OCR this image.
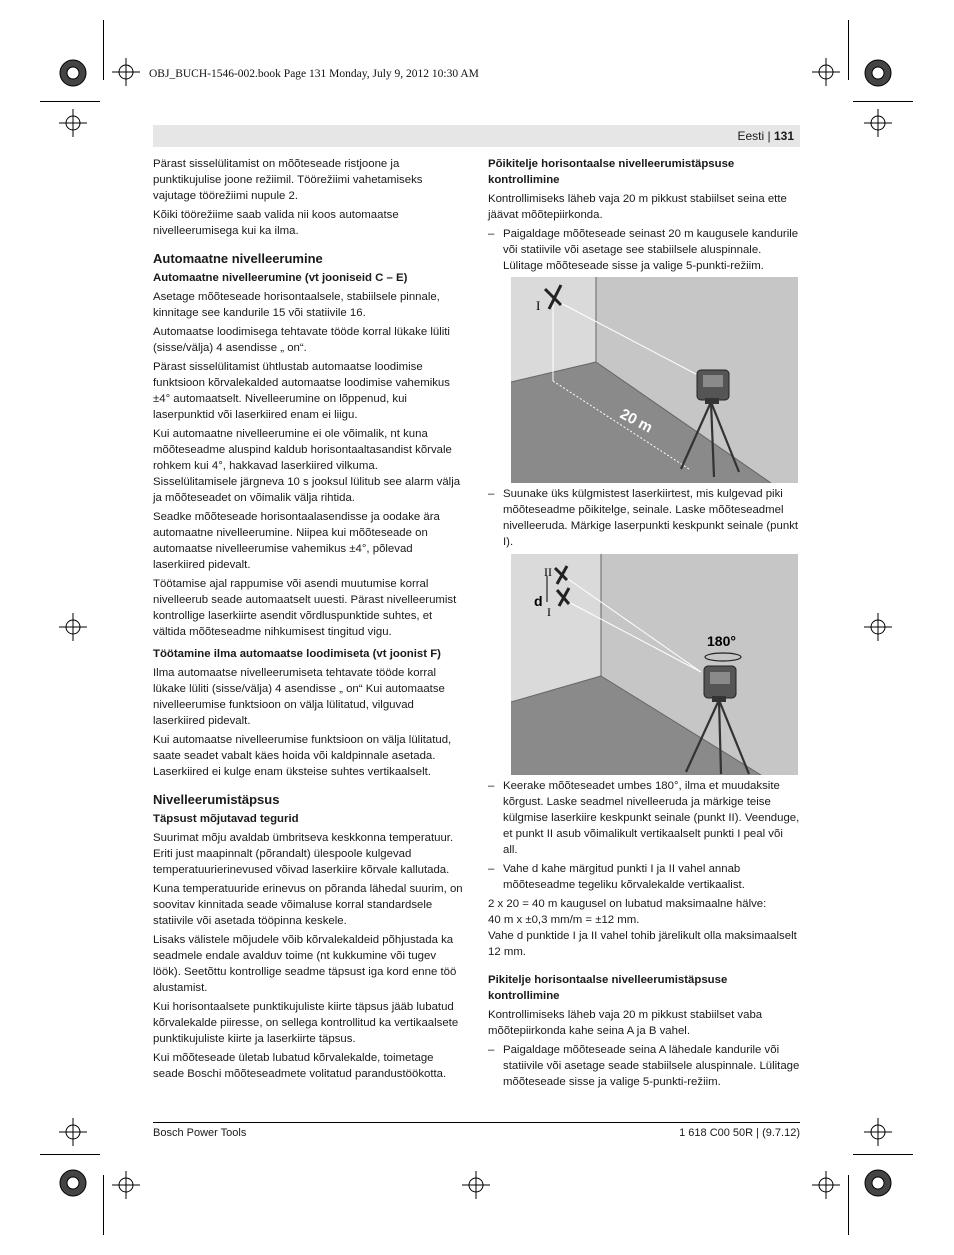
OBJ_BUCH-1546-002.book Page 131 Monday, July 9, 2012 10:30 AM
Eesti | 131

Pärast sisselülitamist on mõõteseade ristjoone ja punktikujulise joone režiimil. Töörežiimi vahetamiseks vajutage töörežiimi nupule 2.

Kõiki töörežiime saab valida nii koos automaatse nivelleerumisega kui ka ilma.

Automaatne nivelleerumine
Automaatne nivelleerumine (vt jooniseid C – E)

Asetage mõõteseade horisontaalsele, stabiilsele pinnale, kinnitage see kandurile 15 või statiivile 16.

Automaatse loodimisega tehtavate tööde korral lükake lüliti (sisse/välja) 4 asendisse „ on“.

Pärast sisselülitamist ühtlustab automaatse loodimise funktsioon kõrvalekalded automaatse loodimise vahemikus ±4° automaatselt. Nivelleerumine on lõppenud, kui laserpunktid või laserkiired enam ei liigu.

Kui automaatne nivelleerumine ei ole võimalik, nt kuna mõõteseadme aluspind kaldub horisontaaltasandist kõrvale rohkem kui 4°, hakkavad laserkiired vilkuma. Sisselülitamisele järgneva 10 s jooksul lülitub see alarm välja ja mõõteseadet on võimalik välja rihtida.

Seadke mõõteseade horisontaalasendisse ja oodake ära automaatne nivelleerumine. Niipea kui mõõteseade on automaatse nivelleerumise vahemikus ±4°, põlevad laserkiired pidevalt.

Töötamise ajal rappumise või asendi muutumise korral nivelleerub seade automaatselt uuesti. Pärast nivelleerumist kontrollige laserkiirte asendit võrdluspunktide suhtes, et vältida mõõteseadme nihkumisest tingitud vigu.

Töötamine ilma automaatse loodimiseta (vt joonist F)

Ilma automaatse nivelleerumiseta tehtavate tööde korral lükake lüliti (sisse/välja) 4 asendisse „ on“ Kui automaatse nivelleerumise funktsioon on välja lülitatud, vilguvad laserkiired pidevalt.

Kui automaatse nivelleerumise funktsioon on välja lülitatud, saate seadet vabalt käes hoida või kaldpinnale asetada. Laserkiired ei kulge enam üksteise suhtes vertikaalselt.

Nivelleerumistäpsus
Täpsust mõjutavad tegurid

Suurimat mõju avaldab ümbritseva keskkonna temperatuur. Eriti just maapinnalt (põrandalt) ülespoole kulgevad temperatuurierinevused võivad laserkiire kõrvale kallutada.

Kuna temperatuuride erinevus on põranda lähedal suurim, on soovitav kinnitada seade võimaluse korral standardsele statiivile või asetada tööpinna keskele.

Lisaks välistele mõjudele võib kõrvalekaldeid põhjustada ka seadmele endale avalduv toime (nt kukkumine või tugev löök). Seetõttu kontrollige seadme täpsust iga kord enne töö alustamist.

Kui horisontaalsete punktikujuliste kiirte täpsus jääb lubatud kõrvalekalde piiresse, on sellega kontrollitud ka vertikaalsete punktikujuliste kiirte ja laserkiirte täpsus.

Kui mõõteseade ületab lubatud kõrvalekalde, toimetage seade Boschi mõõteseadmete volitatud parandustöökotta.

Põikitelje horisontaalse nivelleerumistäpsuse kontrollimine

Kontrollimiseks läheb vaja 20 m pikkust stabiilset seina ette jäävat mõõtepiirkonda.

– Paigaldage mõõteseade seinast 20 m kaugusele kandurile või statiivile või asetage see stabiilsele aluspinnale. Lülitage mõõteseade sisse ja valige 5-punkti-režiim.
I
20 m
– Suunake üks külgmistest laserkiirtest, mis kulgevad piki mõõteseadme põikitelge, seinale. Laske mõõteseadmel nivelleeruda. Märkige laserpunkti keskpunkt seinale (punkt I).
II
I
d
180°
– Keerake mõõteseadet umbes 180°, ilma et muudaksite kõrgust. Laske seadmel nivelleeruda ja märkige teise külgmise laserkiire keskpunkt seinale (punkt II). Veenduge, et punkt II asub võimalikult vertikaalselt punkti I peal või all.
– Vahe d kahe märgitud punkti I ja II vahel annab mõõteseadme tegeliku kõrvalekalde vertikaalist.

2 x 20 = 40 m kaugusel on lubatud maksimaalne hälve:

40 m x ±0,3 mm/m = ±12 mm.

Vahe d punktide I ja II vahel tohib järelikult olla maksimaalselt 12 mm.

Pikitelje horisontaalse nivelleerumistäpsuse kontrollimine

Kontrollimiseks läheb vaja 20 m pikkust stabiilset vaba mõõtepiirkonda kahe seina A ja B vahel.

– Paigaldage mõõteseade seina A lähedale kandurile või statiivile või asetage seade stabiilsele aluspinnale. Lülitage mõõteseade sisse ja valige 5-punkti-režiim.
Bosch Power Tools	1 618 C00 50R | (9.7.12)
